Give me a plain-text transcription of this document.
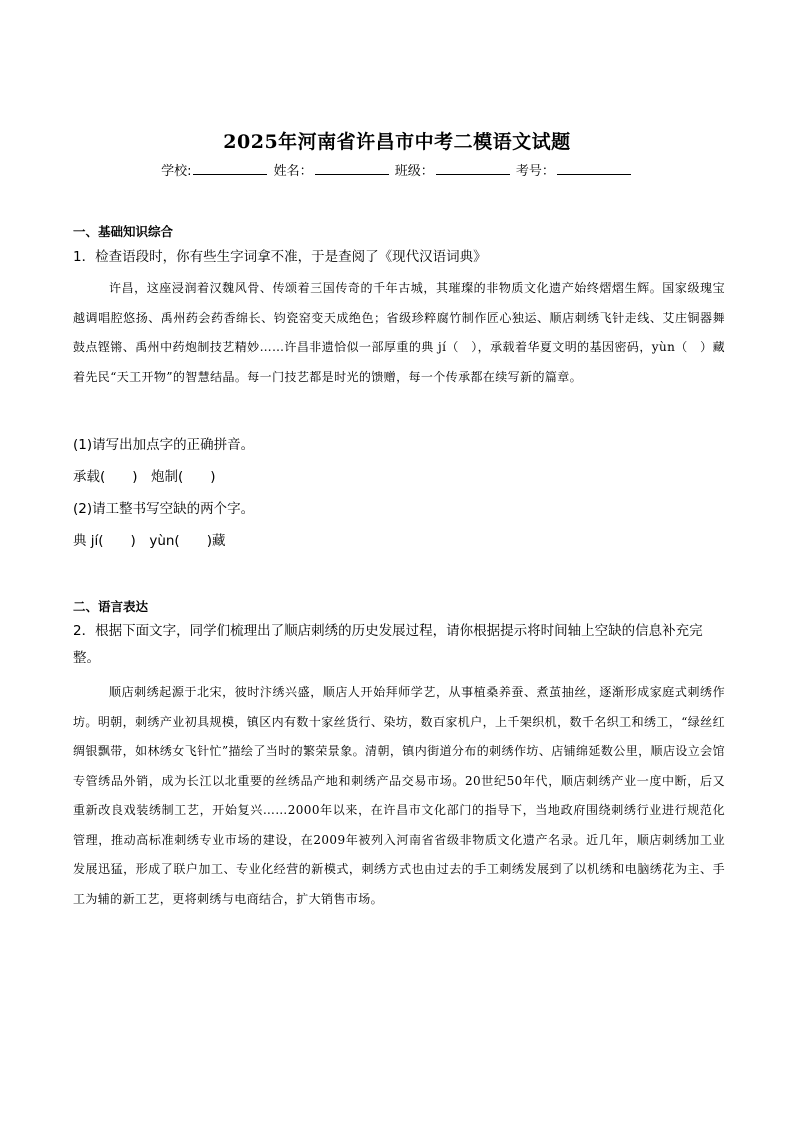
2025年河南省许昌市中考二模语文试题
学校:	姓名：	班级：	考号：
一、基础知识综合
1．检查语段时，你有些生字词拿不准，于是查阅了《现代汉语词典》
许昌，这座浸润着汉魏风骨、传颂着三国传奇的千年古城，其璀璨的非物质文化遗产始终熠熠生辉。国家级瑰宝越调唱腔悠扬、禹州药会药香绵长、钧瓷窑变天成绝色；省级珍粹腐竹制作匠心独运、顺店刺绣飞针走线、艾庄铜器舞鼓点铿锵、禹州中药炮制技艺精妙……许昌非遗恰似一部厚重的典 jí（　），承载着华夏文明的基因密码，yùn（　）藏着先民“天工开物”的智慧结晶。每一门技艺都是时光的馈赠，每一个传承都在续写新的篇章。
(1)请写出加点字的正确拼音。
承载(　　)　炮制(　　)
(2)请工整书写空缺的两个字。
典 jí(　　)　yùn(　　)藏
二、语言表达
2．根据下面文字，同学们梳理出了顺店刺绣的历史发展过程，请你根据提示将时间轴上空缺的信息补充完整。
顺店刺绣起源于北宋，彼时汴绣兴盛，顺店人开始拜师学艺，从事植桑养蚕、煮茧抽丝，逐渐形成家庭式刺绣作坊。明朝，刺绣产业初具规模，镇区内有数十家丝货行、染坊，数百家机户，上千架织机，数千名织工和绣工，“绿丝红绸银飘带，如林绣女飞针忙”描绘了当时的繁荣景象。清朝，镇内街道分布的刺绣作坊、店铺绵延数公里，顺店设立会馆专管绣品外销，成为长江以北重要的丝绣品产地和刺绣产品交易市场。20世纪50年代，顺店刺绣产业一度中断，后又重新改良戏装绣制工艺，开始复兴……2000年以来，在许昌市文化部门的指导下，当地政府围绕刺绣行业进行规范化管理，推动高标准刺绣专业市场的建设，在2009年被列入河南省省级非物质文化遗产名录。近几年，顺店刺绣加工业发展迅猛，形成了联户加工、专业化经营的新模式，刺绣方式也由过去的手工刺绣发展到了以机绣和电脑绣花为主、手工为辅的新工艺，更将刺绣与电商结合，扩大销售市场。
